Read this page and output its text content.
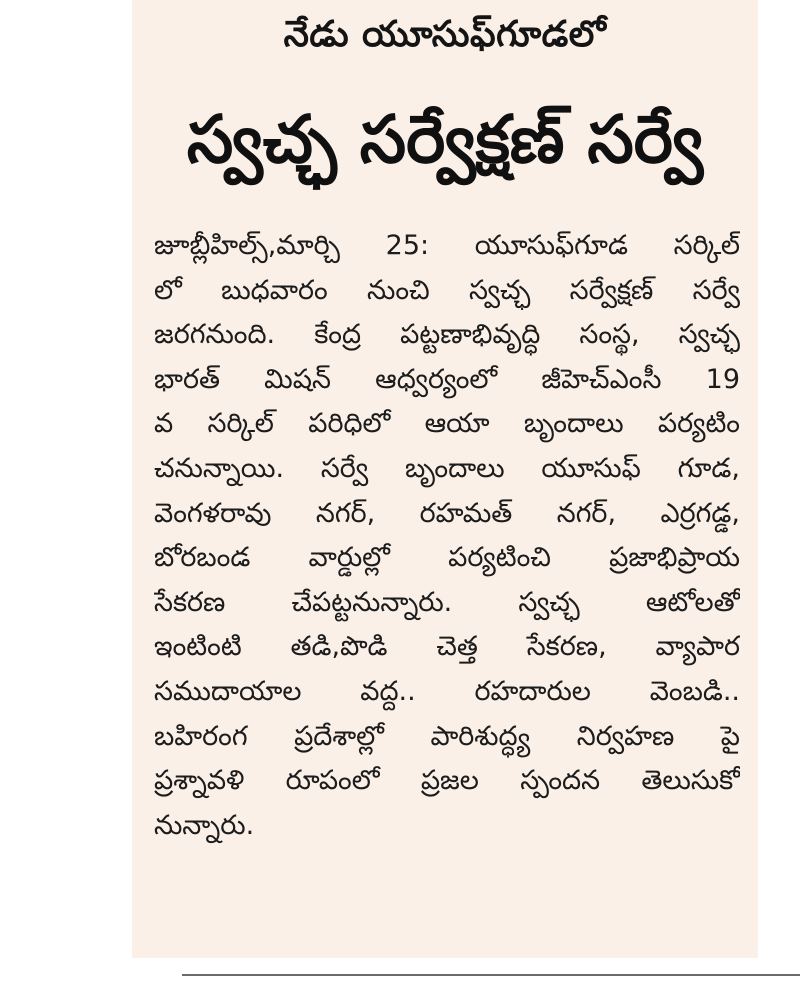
నేడు యూసుఫ్‌గూడలో
స్వచ్ఛ సర్వేక్షణ్ సర్వే
జూబ్లీహిల్స్,మార్చి 25: యూసుఫ్‌గూడ సర్కిల్
లో బుధవారం నుంచి స్వచ్ఛ సర్వేక్షణ్ సర్వే
జరగనుంది. కేంద్ర పట్టణాభివృద్ధి సంస్థ, స్వచ్ఛ
భారత్ మిషన్ ఆధ్వర్యంలో జీహెచ్‌ఎంసీ 19
వ సర్కిల్ పరిధిలో ఆయా బృందాలు పర్యటిం
చనున్నాయి. సర్వే బృందాలు యూసుఫ్ గూడ,
వెంగళరావు నగర్, రహమత్ నగర్, ఎర్రగడ్డ,
బోరబండ వార్డుల్లో పర్యటించి ప్రజాభిప్రాయ
సేకరణ చేపట్టనున్నారు. స్వచ్ఛ ఆటోలతో
ఇంటింటి తడి,పొడి చెత్త సేకరణ, వ్యాపార
సముదాయాల వద్ద.. రహదారుల వెంబడి..
బహిరంగ ప్రదేశాల్లో పారిశుద్ధ్య నిర్వహణ పై
ప్రశ్నావళి రూపంలో ప్రజల స్పందన తెలుసుకో
నున్నారు.
